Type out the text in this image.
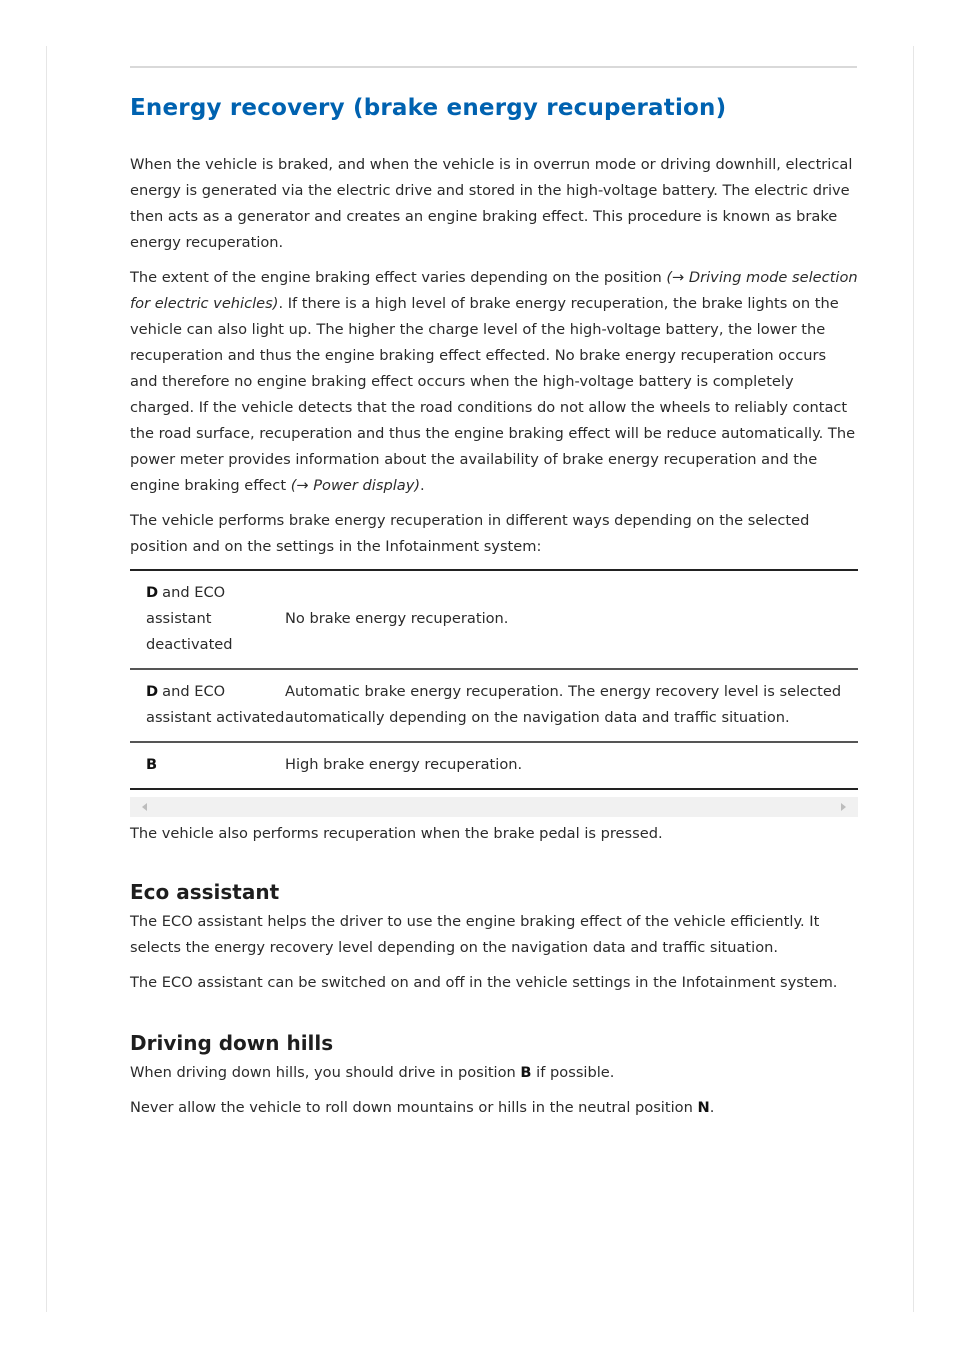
Energy recovery (brake energy recuperation)

When the vehicle is braked, and when the vehicle is in overrun mode or driving downhill, electrical energy is generated via the electric drive and stored in the high-voltage battery. The electric drive then acts as a generator and creates an engine braking effect. This procedure is known as brake energy recuperation.

The extent of the engine braking effect varies depending on the position (→ Driving mode selection for electric vehicles). If there is a high level of brake energy recuperation, the brake lights on the vehicle can also light up. The higher the charge level of the high-voltage battery, the lower the recuperation and thus the engine braking effect effected. No brake energy recuperation occurs and therefore no engine braking effect occurs when the high-voltage battery is completely charged. If the vehicle detects that the road conditions do not allow the wheels to reliably contact the road surface, recuperation and thus the engine braking effect will be reduce automatically. The power meter provides information about the availability of brake energy recuperation and the engine braking effect (→ Power display).

The vehicle performs brake energy recuperation in different ways depending on the selected position and on the settings in the Infotainment system:

D and ECO assistant deactivated	No brake energy recuperation.
D and ECO assistant activated	Automatic brake energy recuperation. The energy recovery level is selected automatically depending on the navigation data and traffic situation.
B	High brake energy recuperation.

The vehicle also performs recuperation when the brake pedal is pressed.

Eco assistant

The ECO assistant helps the driver to use the engine braking effect of the vehicle efficiently. It selects the energy recovery level depending on the navigation data and traffic situation.

The ECO assistant can be switched on and off in the vehicle settings in the Infotainment system.

Driving down hills

When driving down hills, you should drive in position B if possible.

Never allow the vehicle to roll down mountains or hills in the neutral position N.
